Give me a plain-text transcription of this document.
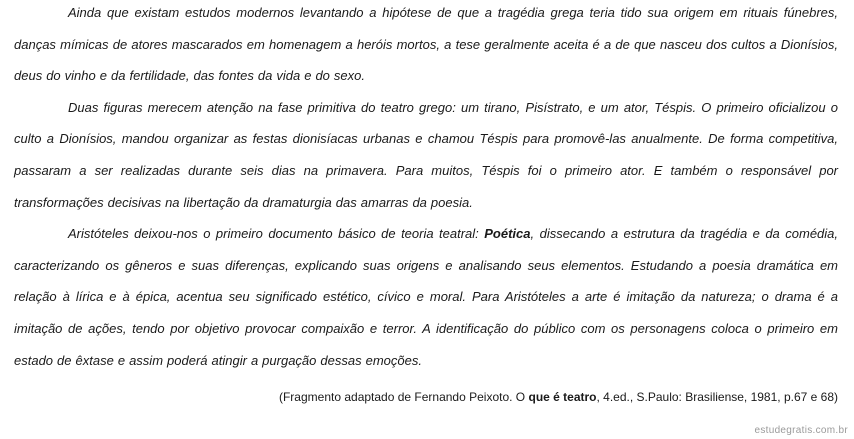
Ainda que existam estudos modernos levantando a hipótese de que a tragédia grega teria tido sua origem em rituais fúnebres, danças mímicas de atores mascarados em homenagem a heróis mortos, a tese geralmente aceita é a de que nasceu dos cultos a Dionísios, deus do vinho e da fertilidade, das fontes da vida e do sexo.

Duas figuras merecem atenção na fase primitiva do teatro grego: um tirano, Pisístrato, e um ator, Téspis. O primeiro oficializou o culto a Dionísios, mandou organizar as festas dionisíacas urbanas e chamou Téspis para promovê-las anualmente. De forma competitiva, passaram a ser realizadas durante seis dias na primavera. Para muitos, Téspis foi o primeiro ator. E também o responsável por transformações decisivas na libertação da dramaturgia das amarras da poesia.

Aristóteles deixou-nos o primeiro documento básico de teoria teatral: Poética, dissecando a estrutura da tragédia e da comédia, caracterizando os gêneros e suas diferenças, explicando suas origens e analisando seus elementos. Estudando a poesia dramática em relação à lírica e à épica, acentua seu significado estético, cívico e moral. Para Aristóteles a arte é imitação da natureza; o drama é a imitação de ações, tendo por objetivo provocar compaixão e terror. A identificação do público com os personagens coloca o primeiro em estado de êxtase e assim poderá atingir a purgação dessas emoções.

(Fragmento adaptado de Fernando Peixoto. O que é teatro, 4.ed., S.Paulo: Brasiliense, 1981, p.67 e 68)
estudegratis.com.br
